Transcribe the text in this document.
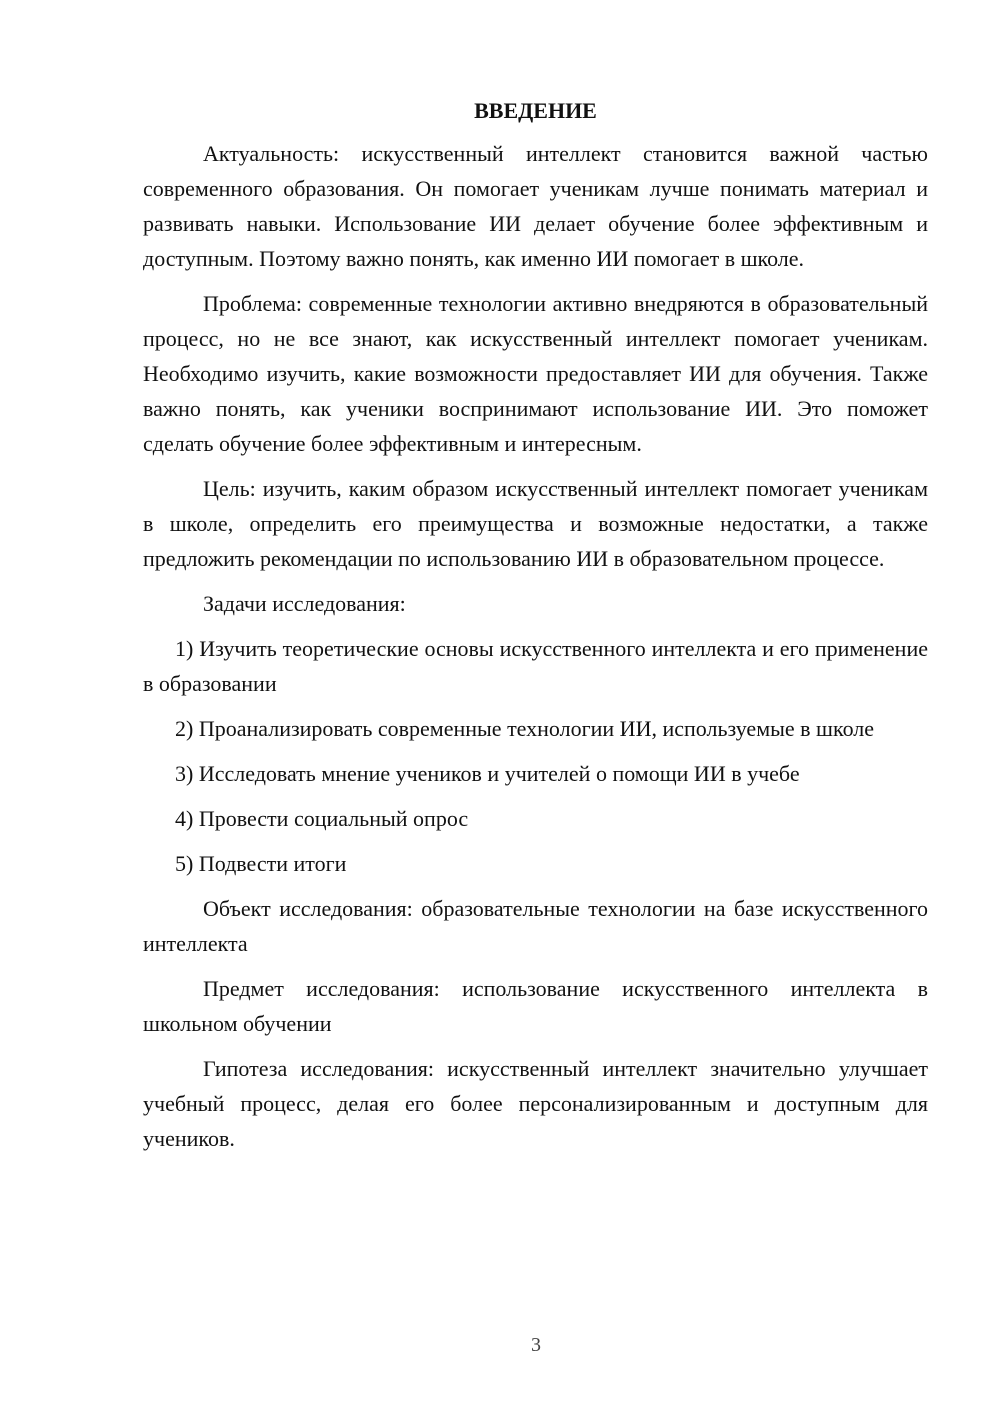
ВВЕДЕНИЕ

Актуальность: искусственный интеллект становится важной частью современного образования. Он помогает ученикам лучше понимать материал и развивать навыки. Использование ИИ делает обучение более эффективным и доступным. Поэтому важно понять, как именно ИИ помогает в школе.

Проблема: современные технологии активно внедряются в образовательный процесс, но не все знают, как искусственный интеллект помогает ученикам. Необходимо изучить, какие возможности предоставляет ИИ для обучения. Также важно понять, как ученики воспринимают использование ИИ. Это поможет сделать обучение более эффективным и интересным.

Цель: изучить, каким образом искусственный интеллект помогает ученикам в школе, определить его преимущества и возможные недостатки, а также предложить рекомендации по использованию ИИ в образовательном процессе.

Задачи исследования:

1) Изучить теоретические основы искусственного интеллекта и его применение в образовании

2) Проанализировать современные технологии ИИ, используемые в школе

3) Исследовать мнение учеников и учителей о помощи ИИ в учебе

4) Провести социальный опрос

5) Подвести итоги

Объект исследования: образовательные технологии на базе искусственного интеллекта

Предмет исследования: использование искусственного интеллекта в школьном обучении

Гипотеза исследования: искусственный интеллект значительно улучшает учебный процесс, делая его более персонализированным и доступным для учеников.

3
